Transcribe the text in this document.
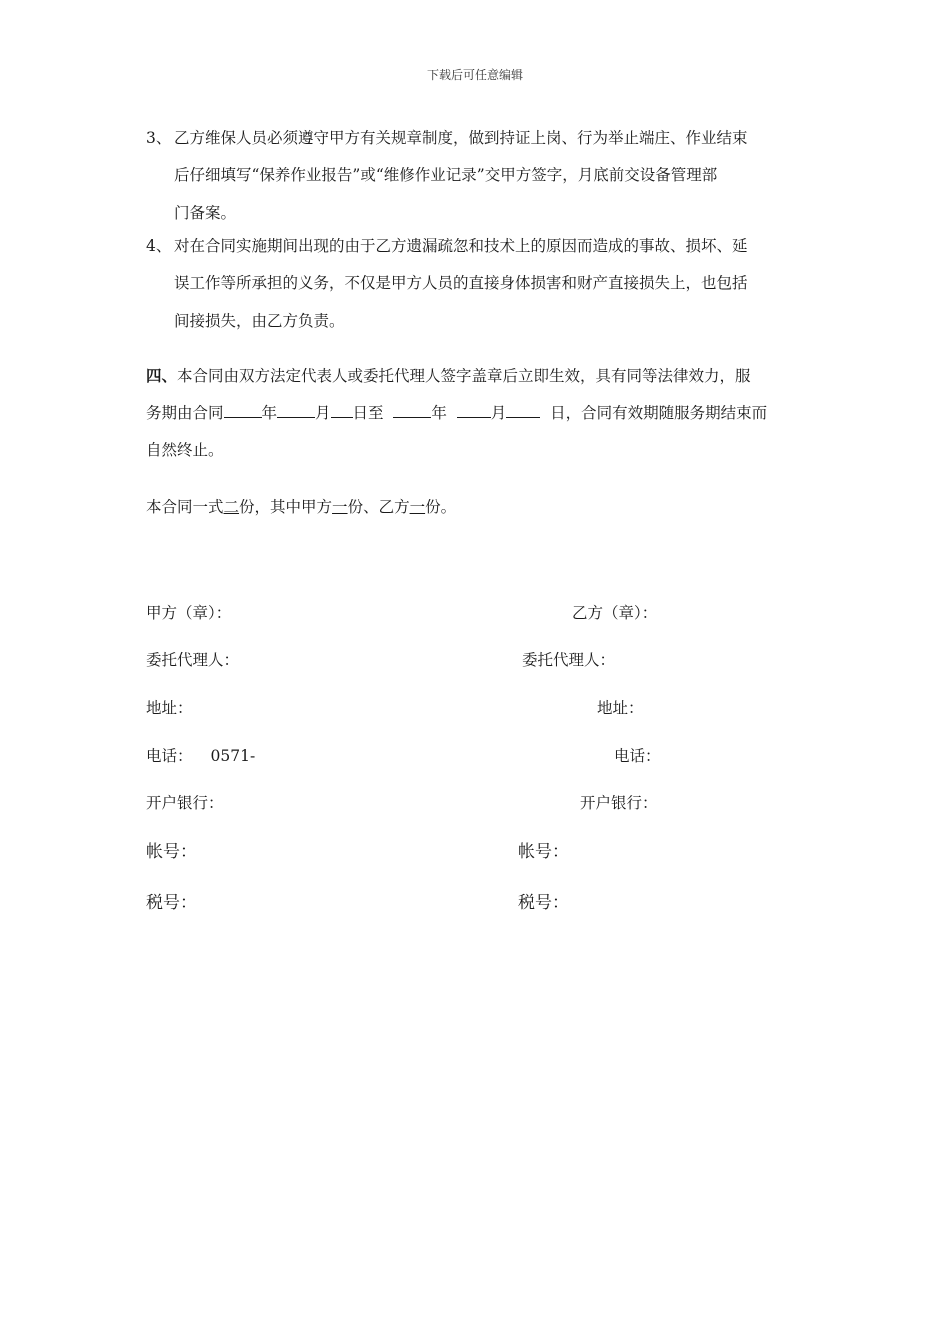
下载后可任意编辑
3、 乙方维保人员必须遵守甲方有关规章制度，做到持证上岗、行为举止端庄、作业结束
后仔细填写“保养作业报告”或“维修作业记录”交甲方签字，月底前交设备管理部
门备案。
4、 对在合同实施期间出现的由于乙方遗漏疏忽和技术上的原因而造成的事故、损坏、延
误工作等所承担的义务，不仅是甲方人员的直接身体损害和财产直接损失上，也包括
间接损失，由乙方负责。
四、本合同由双方法定代表人或委托代理人签字盖章后立即生效，具有同等法律效力，服
务期由合同 年 月 日至	年	月	日，合同有效期随服务期结束而
自然终止。
本合同一式二份，其中甲方一份、乙方一份。
甲方（章）：	乙方（章）：
委托代理人：	委托代理人：
地址：	地址：
电话： 0571-	电话：
开户银行：	开户银行：
帐号：	帐号：
税号：	税号：
